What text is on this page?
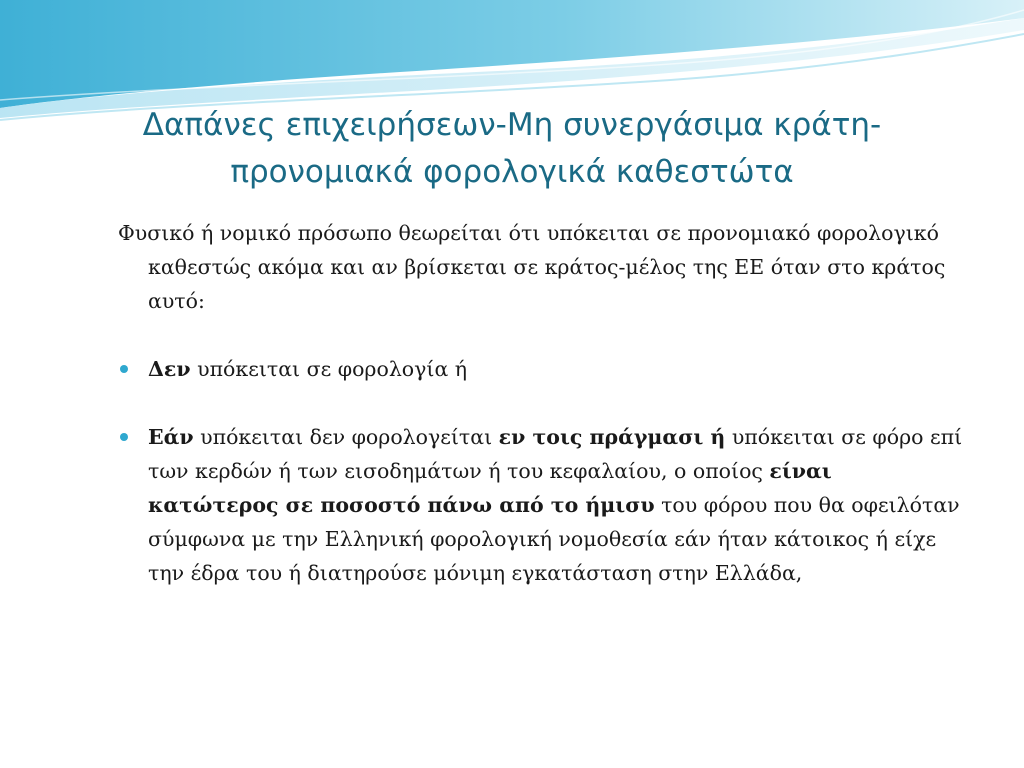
Δαπάνες επιχειρήσεων-Μη συνεργάσιμα κράτη-
προνομιακά φορολογικά καθεστώτα

Φυσικό ή νομικό πρόσωπο θεωρείται ότι υπόκειται σε προνομιακό φορολογικό καθεστώς ακόμα και αν βρίσκεται σε κράτος-μέλος της ΕΕ όταν στο κράτος αυτό:

Δεν υπόκειται σε φορολογία ή

Εάν υπόκειται δεν φορολογείται εν τοις πράγμασι ή υπόκειται σε φόρο επί των κερδών ή των εισοδημάτων ή του κεφαλαίου, ο οποίος είναι κατώτερος σε ποσοστό πάνω από το ήμισυ του φόρου που θα οφειλόταν σύμφωνα με την Ελληνική φορολογική νομοθεσία εάν ήταν κάτοικος ή είχε την έδρα του ή διατηρούσε μόνιμη εγκατάσταση στην Ελλάδα,
